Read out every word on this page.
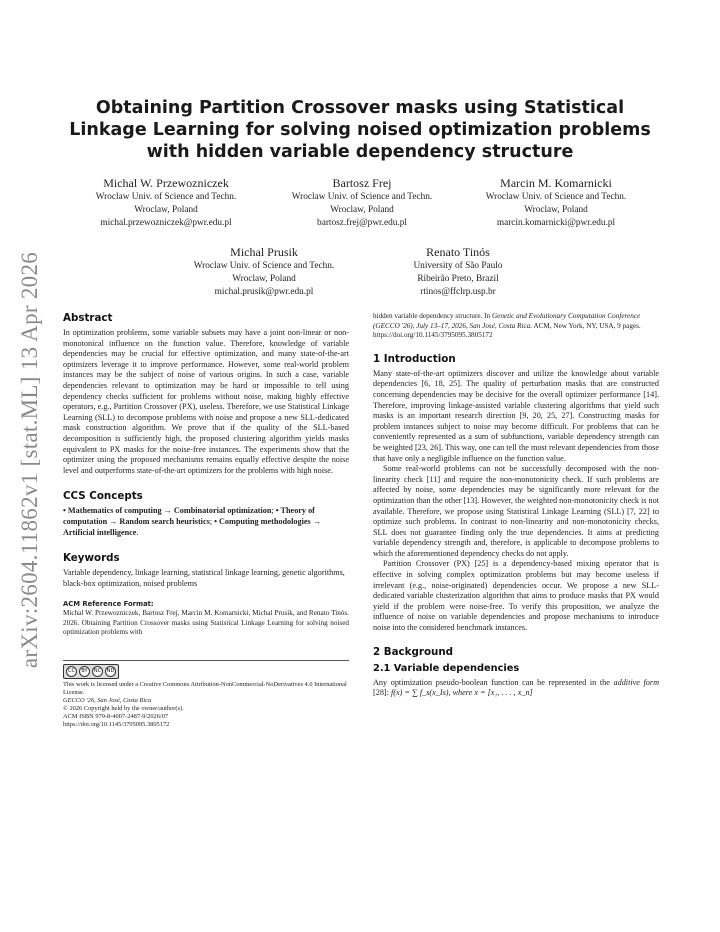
arXiv:2604.11862v1 [stat.ML] 13 Apr 2026
Obtaining Partition Crossover masks using Statistical Linkage Learning for solving noised optimization problems with hidden variable dependency structure
Michal W. Przewozniczek
Wroclaw Univ. of Science and Techn.
Wroclaw, Poland
michal.przewozniczek@pwr.edu.pl
Bartosz Frej
Wroclaw Univ. of Science and Techn.
Wroclaw, Poland
bartosz.frej@pwr.edu.pl
Marcin M. Komarnicki
Wroclaw Univ. of Science and Techn.
Wroclaw, Poland
marcin.komarnicki@pwr.edu.pl
Michal Prusik
Wroclaw Univ. of Science and Techn.
Wroclaw, Poland
michal.prusik@pwr.edu.pl
Renato Tinós
University of São Paulo
Ribeirão Preto, Brazil
rtinos@ffclrp.usp.br
Abstract

In optimization problems, some variable subsets may have a joint non-linear or non-monotonical influence on the function value. Therefore, knowledge of variable dependencies may be crucial for effective optimization, and many state-of-the-art optimizers leverage it to improve performance. However, some real-world problem instances may be the subject of noise of various origins. In such a case, variable dependencies relevant to optimization may be hard or impossible to tell using dependency checks sufficient for problems without noise, making highly effective operators, e.g., Partition Crossover (PX), useless. Therefore, we use Statistical Linkage Learning (SLL) to decompose problems with noise and propose a new SLL-dedicated mask construction algorithm. We prove that if the quality of the SLL-based decomposition is sufficiently high, the proposed clustering algorithm yields masks equivalent to PX masks for the noise-free instances. The experiments show that the optimizer using the proposed mechanisms remains equally effective despite the noise level and outperforms state-of-the-art optimizers for the problems with high noise.

CCS Concepts

• Mathematics of computing → Combinatorial optimization; • Theory of computation → Random search heuristics; • Computing methodologies → Artificial intelligence.

Keywords

Variable dependency, linkage learning, statistical linkage learning, genetic algorithms, black-box optimization, noised problems

ACM Reference Format:

Michal W. Przewozniczek, Bartosz Frej, Marcin M. Komarnicki, Michal Prusik, and Renato Tinós. 2026. Obtaining Partition Crossover masks using Statistical Linkage Learning for solving noised optimization problems with

CC	BY	NC	ND
This work is licensed under a Creative Commons Attribution-NonCommercial-NoDerivatives 4.0 International License.
GECCO '26, San José, Costa Rica
© 2026 Copyright held by the owner/author(s).
ACM ISBN 979-8-4007-2487-9/2026/07
https://doi.org/10.1145/3795095.3805172

hidden variable dependency structure. In Genetic and Evolutionary Computation Conference (GECCO '26), July 13–17, 2026, San José, Costa Rica. ACM, New York, NY, USA, 9 pages. https://doi.org/10.1145/3795095.3805172

1 Introduction

Many state-of-the-art optimizers discover and utilize the knowledge about variable dependencies [6, 18, 25]. The quality of perturbation masks that are constructed concerning dependencies may be decisive for the overall optimizer performance [14]. Therefore, improving linkage-assisted variable clustering algorithms that yield such masks is an important research direction [9, 20, 25, 27]. Constructing masks for problem instances subject to noise may become difficult. For problems that can be conveniently represented as a sum of subfunctions, variable dependency strength can be weighted [23, 26]. This way, one can tell the most relevant dependencies from those that have only a negligible influence on the function value.

Some real-world problems can not be successfully decomposed with the non-linearity check [11] and require the non-monotonicity check. If such problems are affected by noise, some dependencies may be significantly more relevant for the optimization than the other [13]. However, the weighted non-monotonicity check is not available. Therefore, we propose using Statistical Linkage Learning (SLL) [7, 22] to optimize such problems. In contrast to non-linearity and non-monotonicity checks, SLL does not guarantee finding only the true dependencies. It aims at predicting variable dependency strength and, therefore, is applicable to decompose problems to which the aforementioned dependency checks do not apply.

Partition Crossover (PX) [25] is a dependency-based mixing operator that is effective in solving complex optimization problems but may become useless if irrelevant (e.g., noise-originated) dependencies occur. We propose a new SLL-dedicated variable clusterization algorithm that aims to produce masks that PX would yield if the problem were noise-free. To verify this proposition, we analyze the influence of noise on variable dependencies and propose mechanisms to introduce noise into the considered benchmark instances.

2 Background
2.1 Variable dependencies

Any optimization pseudo-boolean function can be represented in the additive form [28]: f(x) = ∑ f_s(x_Is), where x = [x₁, . . . , x_n]
